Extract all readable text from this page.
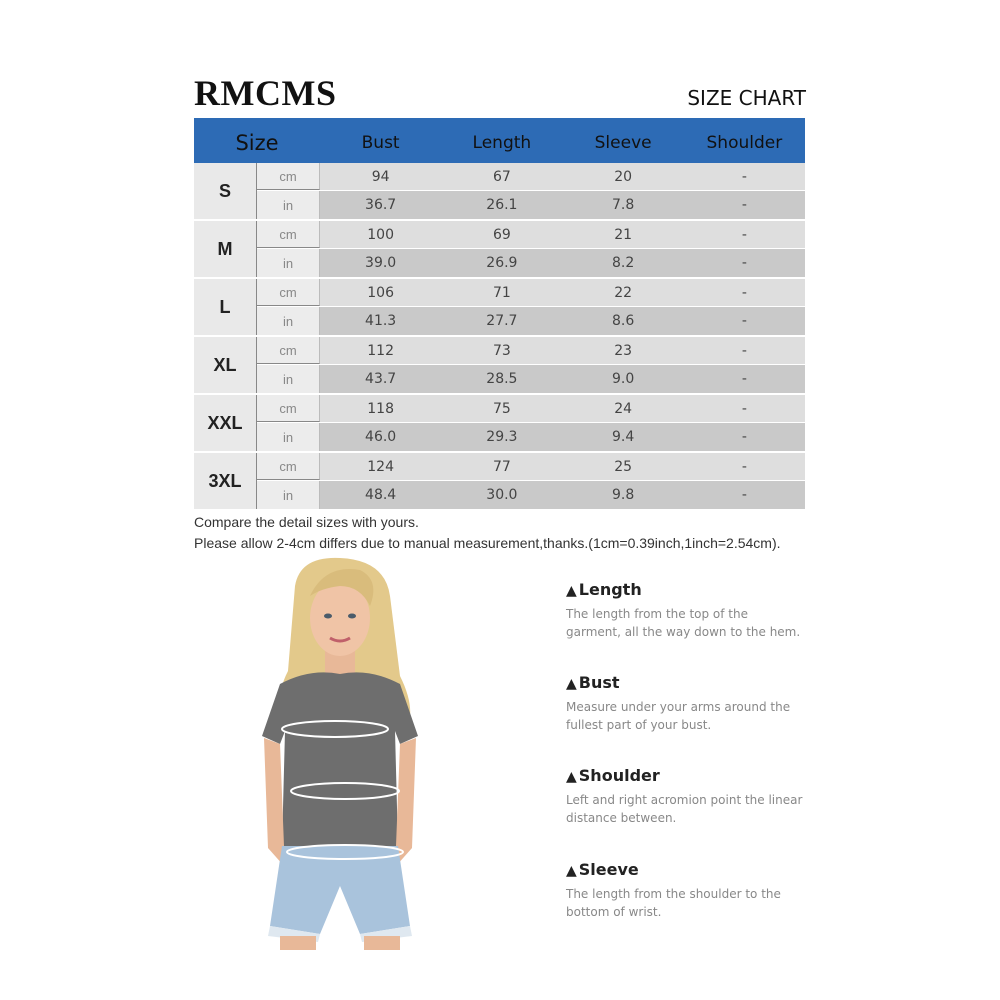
RMCMS	SIZE CHART
Size	Bust	Length	Sleeve	Shoulder
S
cm	94	67	20	-
in	36.7	26.1	7.8	-
M
cm	100	69	21	-
in	39.0	26.9	8.2	-
L
cm	106	71	22	-
in	41.3	27.7	8.6	-
XL
cm	112	73	23	-
in	43.7	28.5	9.0	-
XXL
cm	118	75	24	-
in	46.0	29.3	9.4	-
3XL
cm	124	77	25	-
in	48.4	30.0	9.8	-
Compare the detail sizes with yours.
Please allow 2-4cm differs due to manual measurement,thanks.(1cm=0.39inch,1inch=2.54cm).
▲ Length

The length from the top of the garment, all the way down to the hem.

▲ Bust

Measure under your arms around the fullest part of your bust.

▲ Shoulder

Left and right acromion point the linear distance between.

▲ Sleeve

The length from the shoulder to the bottom of wrist.
